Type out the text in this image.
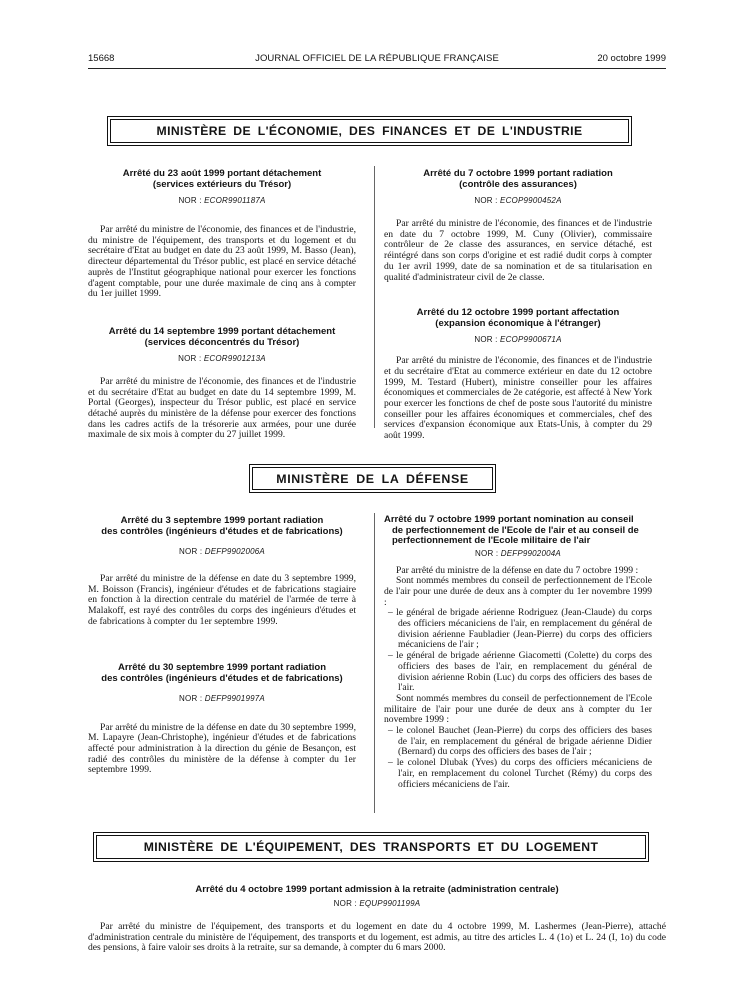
15668	JOURNAL OFFICIEL DE LA RÉPUBLIQUE FRANÇAISE	20 octobre 1999
MINISTÈRE DE L'ÉCONOMIE, DES FINANCES ET DE L'INDUSTRIE
Arrêté du 23 août 1999 portant détachement
(services extérieurs du Trésor)
NOR : ECOR9901187A

Par arrêté du ministre de l'économie, des finances et de l'industrie, du ministre de l'équipement, des transports et du logement et du secrétaire d'Etat au budget en date du 23 août 1999, M. Basso (Jean), directeur départemental du Trésor public, est placé en service détaché auprès de l'Institut géographique national pour exercer les fonctions d'agent comptable, pour une durée maximale de cinq ans à compter du 1er juillet 1999.

Arrêté du 14 septembre 1999 portant détachement
(services déconcentrés du Trésor)
NOR : ECOR9901213A

Par arrêté du ministre de l'économie, des finances et de l'industrie et du secrétaire d'Etat au budget en date du 14 septembre 1999, M. Portal (Georges), inspecteur du Trésor public, est placé en service détaché auprès du ministère de la défense pour exercer des fonctions dans les cadres actifs de la trésorerie aux armées, pour une durée maximale de six mois à compter du 27 juillet 1999.

Arrêté du 7 octobre 1999 portant radiation
(contrôle des assurances)
NOR : ECOP9900452A

Par arrêté du ministre de l'économie, des finances et de l'industrie en date du 7 octobre 1999, M. Cuny (Olivier), commissaire contrôleur de 2e classe des assurances, en service détaché, est réintégré dans son corps d'origine et est radié dudit corps à compter du 1er avril 1999, date de sa nomination et de sa titularisation en qualité d'administrateur civil de 2e classe.

Arrêté du 12 octobre 1999 portant affectation
(expansion économique à l'étranger)
NOR : ECOP9900671A

Par arrêté du ministre de l'économie, des finances et de l'industrie et du secrétaire d'Etat au commerce extérieur en date du 12 octobre 1999, M. Testard (Hubert), ministre conseiller pour les affaires économiques et commerciales de 2e catégorie, est affecté à New York pour exercer les fonctions de chef de poste sous l'autorité du ministre conseiller pour les affaires économiques et commerciales, chef des services d'expansion économique aux Etats-Unis, à compter du 29 août 1999.

MINISTÈRE DE LA DÉFENSE
Arrêté du 3 septembre 1999 portant radiation
des contrôles (ingénieurs d'études et de fabrications)
NOR : DEFP9902006A

Par arrêté du ministre de la défense en date du 3 septembre 1999, M. Boisson (Francis), ingénieur d'études et de fabrications stagiaire en fonction à la direction centrale du matériel de l'armée de terre à Malakoff, est rayé des contrôles du corps des ingénieurs d'études et de fabrications à compter du 1er septembre 1999.

Arrêté du 30 septembre 1999 portant radiation
des contrôles (ingénieurs d'études et de fabrications)
NOR : DEFP9901997A

Par arrêté du ministre de la défense en date du 30 septembre 1999, M. Lapayre (Jean-Christophe), ingénieur d'études et de fabrications affecté pour administration à la direction du génie de Besançon, est radié des contrôles du ministère de la défense à compter du 1er septembre 1999.

Arrêté du 7 octobre 1999 portant nomination au conseil
de perfectionnement de l'Ecole de l'air et au conseil de
perfectionnement de l'Ecole militaire de l'air
NOR : DEFP9902004A

Par arrêté du ministre de la défense en date du 7 octobre 1999 :

Sont nommés membres du conseil de perfectionnement de l'Ecole de l'air pour une durée de deux ans à compter du 1er novembre 1999 :

– le général de brigade aérienne Rodriguez (Jean-Claude) du corps des officiers mécaniciens de l'air, en remplacement du général de division aérienne Faubladier (Jean-Pierre) du corps des officiers mécaniciens de l'air ;

– le général de brigade aérienne Giacometti (Colette) du corps des officiers des bases de l'air, en remplacement du général de division aérienne Robin (Luc) du corps des officiers des bases de l'air.

Sont nommés membres du conseil de perfectionnement de l'Ecole militaire de l'air pour une durée de deux ans à compter du 1er novembre 1999 :

– le colonel Bauchet (Jean-Pierre) du corps des officiers des bases de l'air, en remplacement du général de brigade aérienne Didier (Bernard) du corps des officiers des bases de l'air ;

– le colonel Dlubak (Yves) du corps des officiers mécaniciens de l'air, en remplacement du colonel Turchet (Rémy) du corps des officiers mécaniciens de l'air.

MINISTÈRE DE L'ÉQUIPEMENT, DES TRANSPORTS ET DU LOGEMENT
Arrêté du 4 octobre 1999 portant admission à la retraite (administration centrale)
NOR : EQUP9901199A

Par arrêté du ministre de l'équipement, des transports et du logement en date du 4 octobre 1999, M. Lashermes (Jean-Pierre), attaché d'administration centrale du ministère de l'équipement, des transports et du logement, est admis, au titre des articles L. 4 (1o) et L. 24 (I, 1o) du code des pensions, à faire valoir ses droits à la retraite, sur sa demande, à compter du 6 mars 2000.
